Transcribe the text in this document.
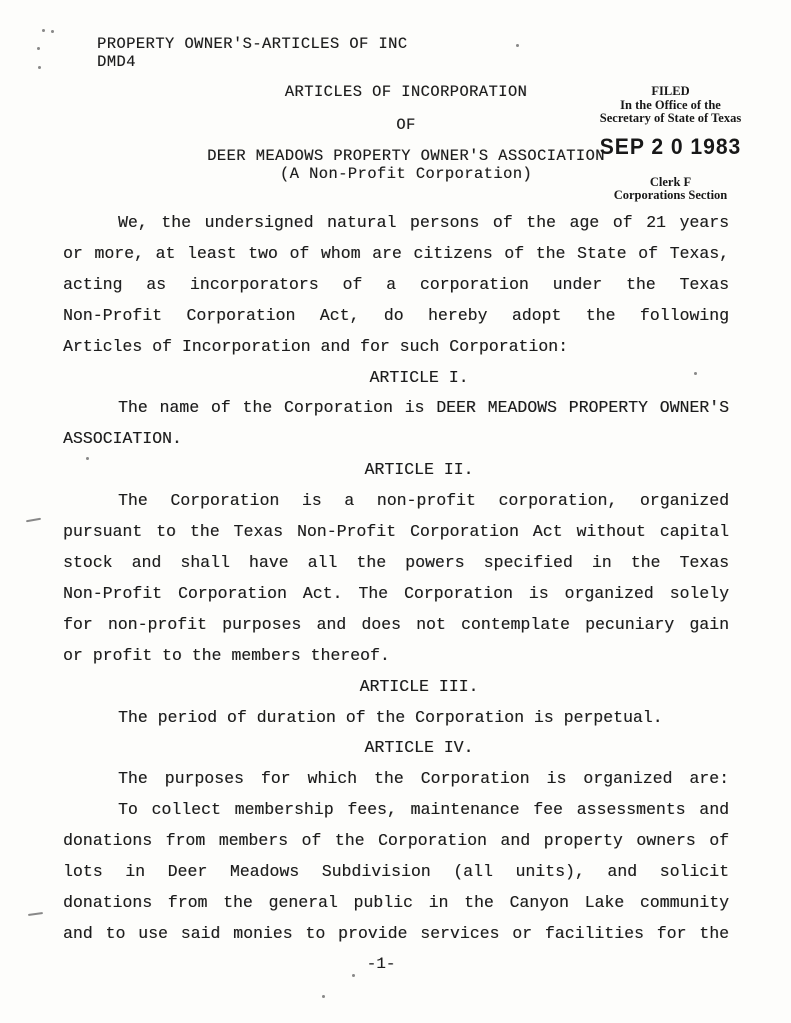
PROPERTY OWNER'S-ARTICLES OF INC
DMD4
ARTICLES OF INCORPORATION
OF
DEER MEADOWS PROPERTY OWNER'S ASSOCIATION
(A Non-Profit Corporation)
FILED
In the Office of the
Secretary of State of Texas
SEP 2 0 1983
Clerk F
Corporations Section
We, the undersigned natural persons of the age of 21 years
or more, at least two of whom are citizens of the State of Texas,
acting as incorporators of a corporation under the Texas
Non-Profit Corporation Act, do hereby adopt the following
Articles of Incorporation and for such Corporation:
ARTICLE I.
The name of the Corporation is DEER MEADOWS PROPERTY OWNER'S
ASSOCIATION.
ARTICLE II.
The Corporation is a non-profit corporation, organized
pursuant to the Texas Non-Profit Corporation Act without capital
stock and shall have all the powers specified in the Texas
Non-Profit Corporation Act. The Corporation is organized solely
for non-profit purposes and does not contemplate pecuniary gain
or profit to the members thereof.
ARTICLE III.
The period of duration of the Corporation is perpetual.
ARTICLE IV.
The purposes for which the Corporation is organized are:
To collect membership fees, maintenance fee assessments and
donations from members of the Corporation and property owners of
lots in Deer Meadows Subdivision (all units), and solicit
donations from the general public in the Canyon Lake community
and to use said monies to provide services or facilities for the
-1-
